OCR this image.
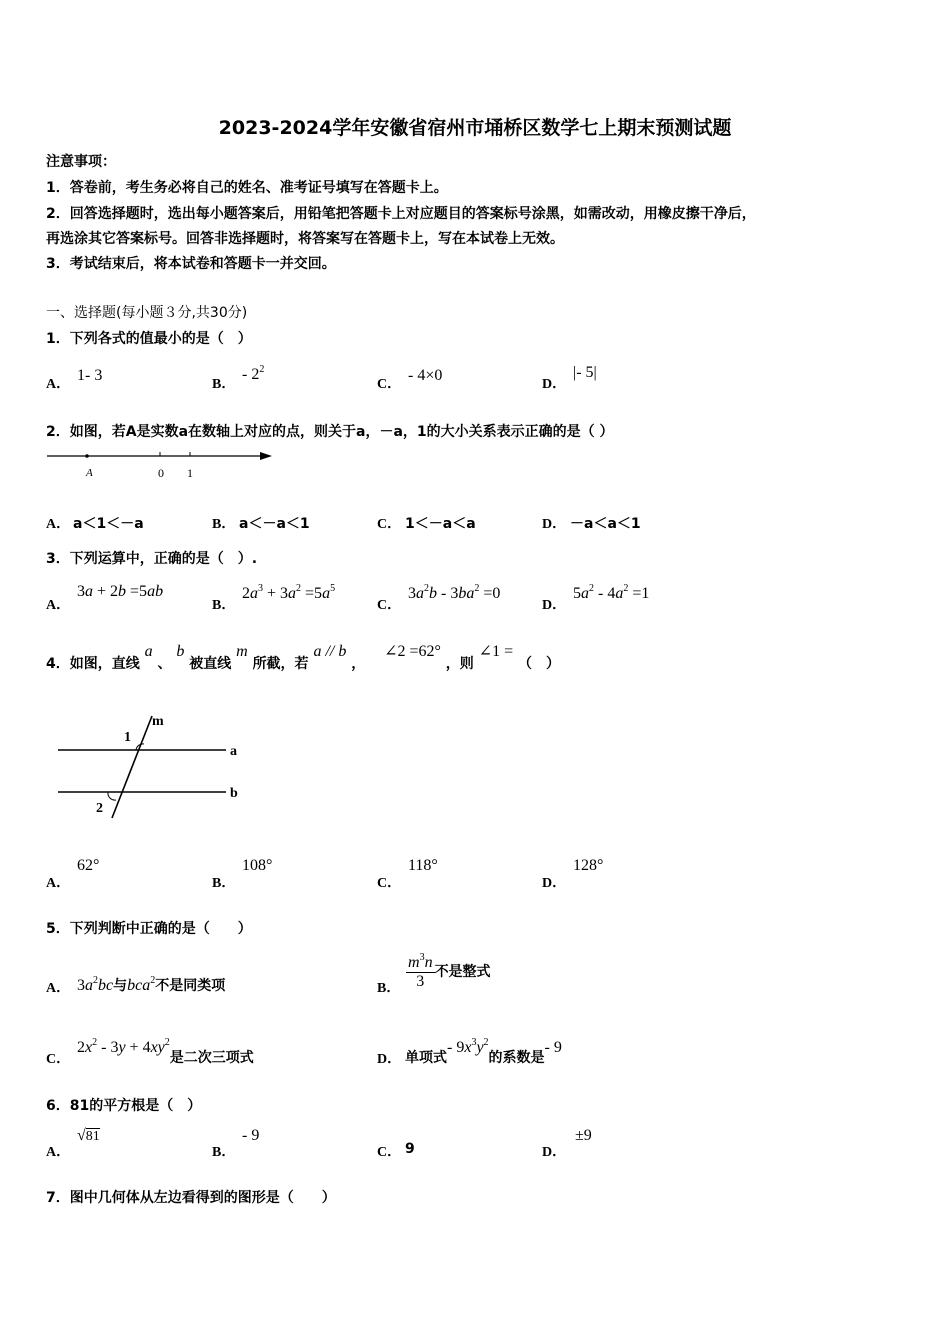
2023-2024学年安徽省宿州市埇桥区数学七上期末预测试题
注意事项：
1．答卷前，考生务必将自己的姓名、准考证号填写在答题卡上。
2．回答选择题时，选出每小题答案后，用铅笔把答题卡上对应题目的答案标号涂黑，如需改动，用橡皮擦干净后，
再选涂其它答案标号。回答非选择题时，将答案写在答题卡上，写在本试卷上无效。
3．考试结束后，将本试卷和答题卡一并交回。
一、选择题(每小题３分,共30分)
1．下列各式的值最小的是（　）
A．
1- 3
B．
- $2^2$
C．
- 4×0
D．
|- 5|
2．如图，若A是实数a在数轴上对应的点，则关于a，－a，1的大小关系表示正确的是（ ）
A	0 1
A． a＜1＜－a	B． a＜－a＜1	C． 1＜－a＜a	D． －a＜a＜1
3．下列运算中，正确的是（　）.
A．
3a + 2b =5ab
B．
$2a^3 + 3a^2 =5a^5$
C．
$3a^2b - 3ba^2 =0$
D．
$5a^2 - 4a^2 =1$
4．如图，直线 a 、 b 被直线 m 所截，若 a // b ， ∠2 =62° ，则 ∠1 = （　）
m
a
b
1
2
A．
62°
B．
108°
C．
118°
D．
128°
5．下列判断中正确的是（　　）
A． $3a^2bc$与bca$^2$不是同类项	B． $\frac{m^3n}{3}$ 不是整式
C．
$2x^2 - 3y + 4xy^2$是二次三项式	D． 单项式- $9x^3y^2$的系数是- 9
6．81的平方根是（　）
A．
√81
B．
- 9
C． 9	D．
±9
7．图中几何体从左边看得到的图形是（　　）
